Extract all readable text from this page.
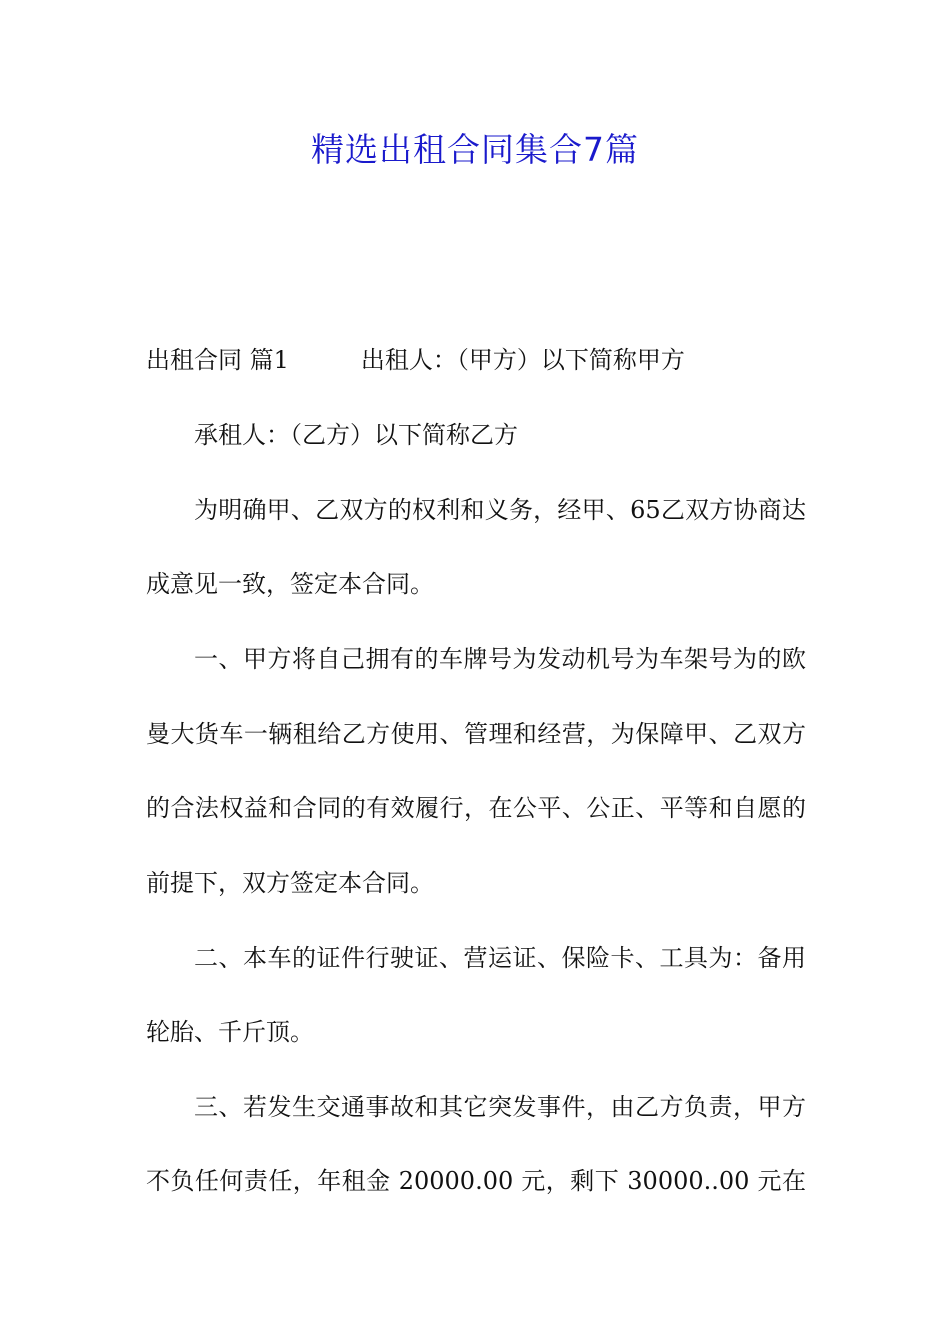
精选出租合同集合7篇

出租合同 篇1　　　出租人：（甲方）以下简称甲方

承租人：（乙方）以下简称乙方

为明确甲、乙双方的权利和义务，经甲、65乙双方协商达

成意见一致，签定本合同。

一、甲方将自己拥有的车牌号为发动机号为车架号为的欧

曼大货车一辆租给乙方使用、管理和经营，为保障甲、乙双方

的合法权益和合同的有效履行，在公平、公正、平等和自愿的

前提下，双方签定本合同。

二、本车的证件行驶证、营运证、保险卡、工具为：备用

轮胎、千斤顶。

三、若发生交通事故和其它突发事件，由乙方负责，甲方

不负任何责任，年租金 20000.00 元，剩下 30000..00 元在
